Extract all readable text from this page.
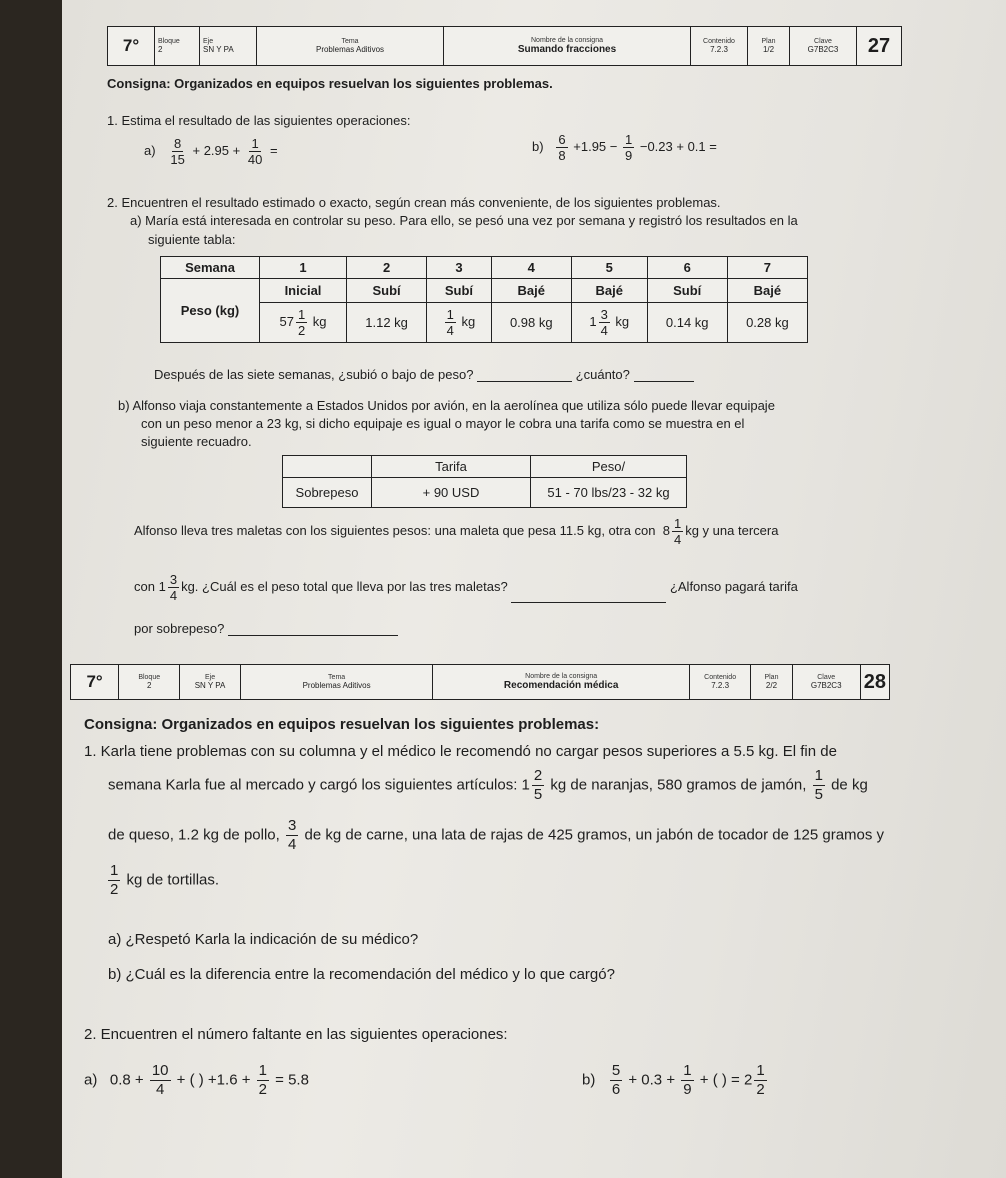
7°	Bloque
2	
Eje
SN Y PA	
Tema
Problemas Aditivos	
Nombre de la consigna
Sumando fracciones	
Contenido
7.2.3	
Plan
1/2	
Clave
G7B2C3	27
Consigna: Organizados en equipos resuelvan los siguientes problemas.
1. Estima el resultado de las siguientes operaciones:
$a) \frac{8}{15} + 2.95 + \frac{1}{40}$ =	$b) \frac{6}{8} +1.95 - \frac{1}{9} -0.23 + 0.1$ =
2. Encuentren el resultado estimado o exacto, según crean más conveniente, de los siguientes problemas.
a) María está interesada en controlar su peso. Para ello, se pesó una vez por semana y registró los resultados en la
siguiente tabla:
Semana	1	2	3	4	5	6	7
Peso (kg)	Inicial	Subí	Subí	Bajé	Bajé	Subí	Bajé
	$57 \frac{1}{2}$ kg	1.12 kg	$\frac{1}{4}$ kg	0.98 kg	$1 \frac{3}{4}$ kg	0.14 kg	0.28 kg
Después de las siete semanas, ¿subió o bajo de peso?	¿cuánto?
b) Alfonso viaja constantemente a Estados Unidos por avión, en la aerolínea que utiliza sólo puede llevar equipaje
con un peso menor a 23 kg, si dicho equipaje es igual o mayor le cobra una tarifa como se muestra en el
siguiente recuadro.
	Tarifa	Peso/
Sobrepeso	+ 90 USD	51 - 70 lbs/23 - 32 kg
Alfonso lleva tres maletas con los siguientes pesos: una maleta que pesa 11.5 kg, otra con $8 \frac{1}{4}$ kg y una tercera
con $1 \frac{3}{4}$ kg. ¿Cuál es el peso total que lleva por las tres maletas?	¿Alfonso pagará tarifa
por sobrepeso?
7°	Bloque
2	
Eje
SN Y PA	
Tema
Problemas Aditivos	
Nombre de la consigna
Recomendación médica	
Contenido
7.2.3	
Plan
2/2	
Clave
G7B2C3	28
Consigna: Organizados en equipos resuelvan los siguientes problemas:
1. Karla tiene problemas con su columna y el médico le recomendó no cargar pesos superiores a 5.5 kg. El fin de
semana Karla fue al mercado y cargó los siguientes artículos: $1 \frac{2}{5}$ kg de naranjas, 580 gramos de jamón, $\frac{1}{5}$ de kg
de queso, 1.2 kg de pollo, $\frac{3}{4}$ de kg de carne, una lata de rajas de 425 gramos, un jabón de tocador de 125 gramos y
$\frac{1}{2}$ kg de tortillas.
a) ¿Respetó Karla la indicación de su médico?
b) ¿Cuál es la diferencia entre la recomendación del médico y lo que cargó?
2. Encuentren el número faltante en las siguientes operaciones:
a) $0.8 + \frac{10}{4}$ + ( ) $+1.6 + \frac{1}{2} = 5.8$	$b) \frac{5}{6} + 0.3 + \frac{1}{9}$ + ( ) = $2 \frac{1}{2}$
